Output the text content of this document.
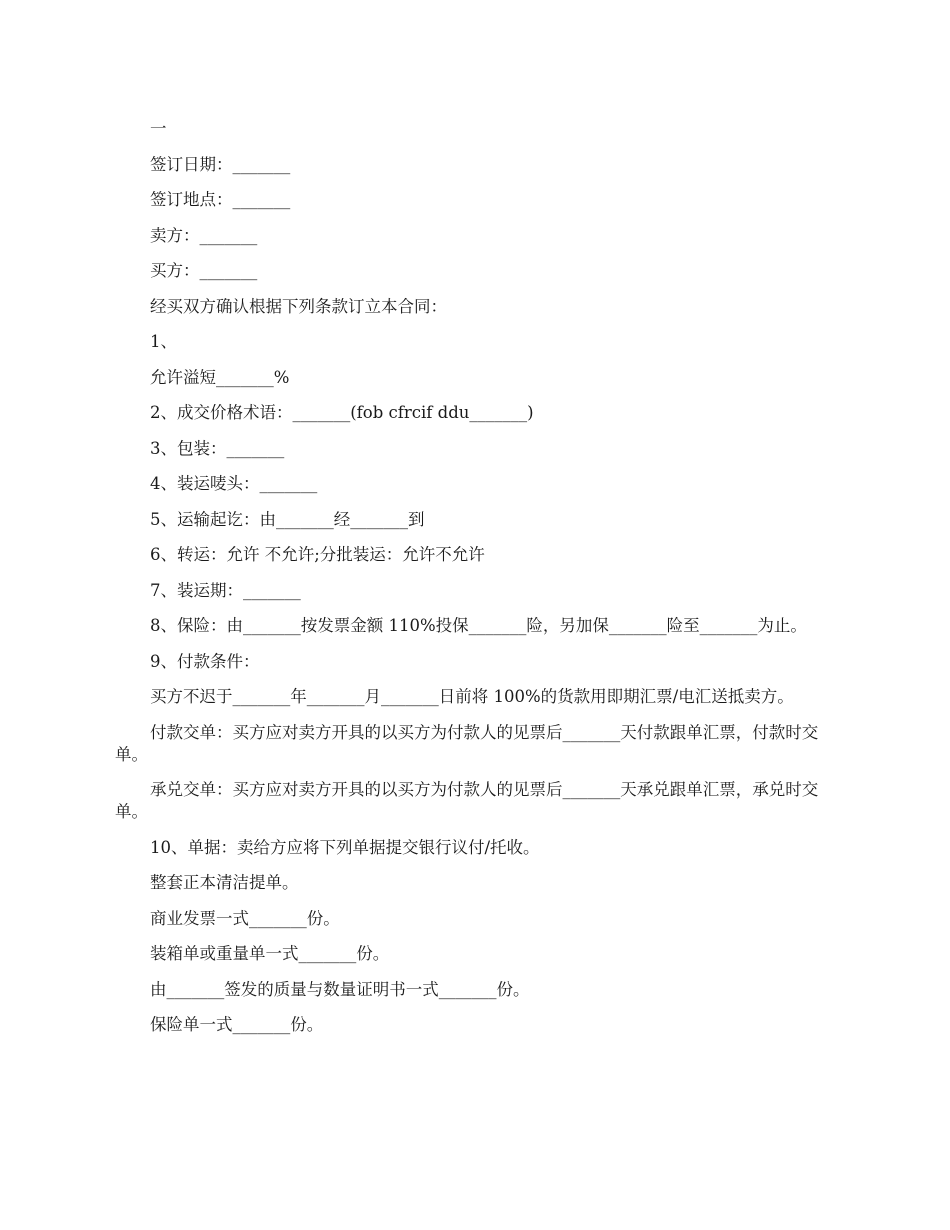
一

签订日期：_______

签订地点：_______

卖方：_______

买方：_______

经买双方确认根据下列条款订立本合同：

1、

允许溢短_______%

2、成交价格术语：_______(fob cfrcif ddu_______)

3、包装：_______

4、装运唛头：_______

5、运输起讫：由_______经_______到

6、转运：允许 不允许;分批装运：允许不允许

7、装运期：_______

8、保险：由_______按发票金额 110%投保_______险，另加保_______险至_______为止。

9、付款条件：

买方不迟于_______年_______月_______日前将 100%的货款用即期汇票/电汇送抵卖方。

付款交单：买方应对卖方开具的以买方为付款人的见票后_______天付款跟单汇票，付款时交单。

承兑交单：买方应对卖方开具的以买方为付款人的见票后_______天承兑跟单汇票，承兑时交单。

10、单据：卖给方应将下列单据提交银行议付/托收。

整套正本清洁提单。

商业发票一式_______份。

装箱单或重量单一式_______份。

由_______签发的质量与数量证明书一式_______份。

保险单一式_______份。
